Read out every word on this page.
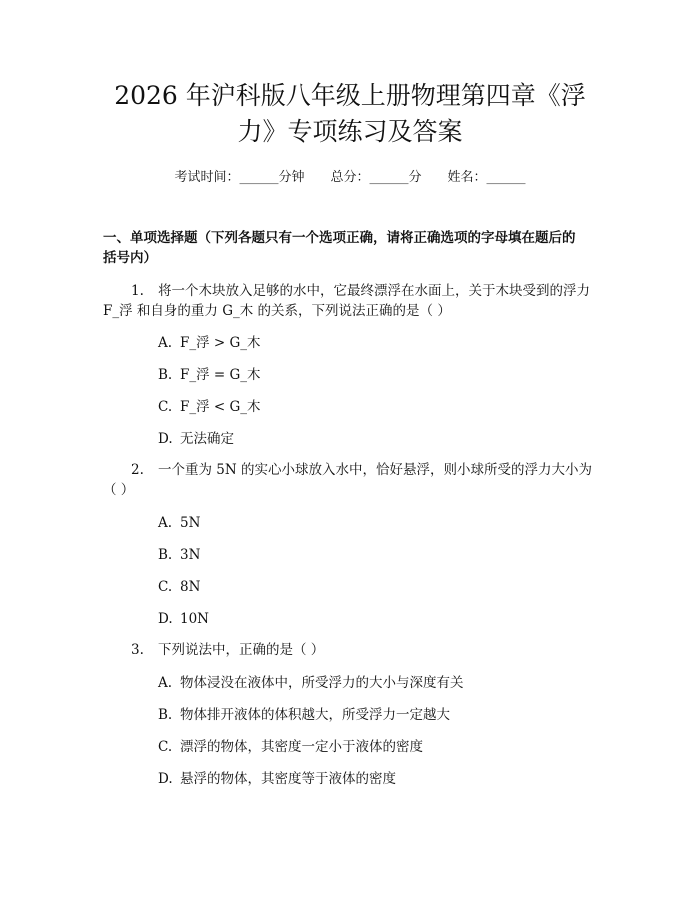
2026 年沪科版八年级上册物理第四章《浮
力》专项练习及答案
考试时间：______分钟　　总分：______分　　姓名：______
一、单项选择题（下列各题只有一个选项正确，请将正确选项的字母填在题后的
括号内）
1. 将一个木块放入足够的水中，它最终漂浮在水面上，关于木块受到的浮力
F_浮 和自身的重力 G_木 的关系，下列说法正确的是（ ）
A. F_浮 > G_木
B. F_浮 = G_木
C. F_浮 < G_木
D. 无法确定
2. 一个重为 5N 的实心小球放入水中，恰好悬浮，则小球所受的浮力大小为
（ ）
A. 5N
B. 3N
C. 8N
D. 10N
3. 下列说法中，正确的是（ ）
A. 物体浸没在液体中，所受浮力的大小与深度有关
B. 物体排开液体的体积越大，所受浮力一定越大
C. 漂浮的物体，其密度一定小于液体的密度
D. 悬浮的物体，其密度等于液体的密度
